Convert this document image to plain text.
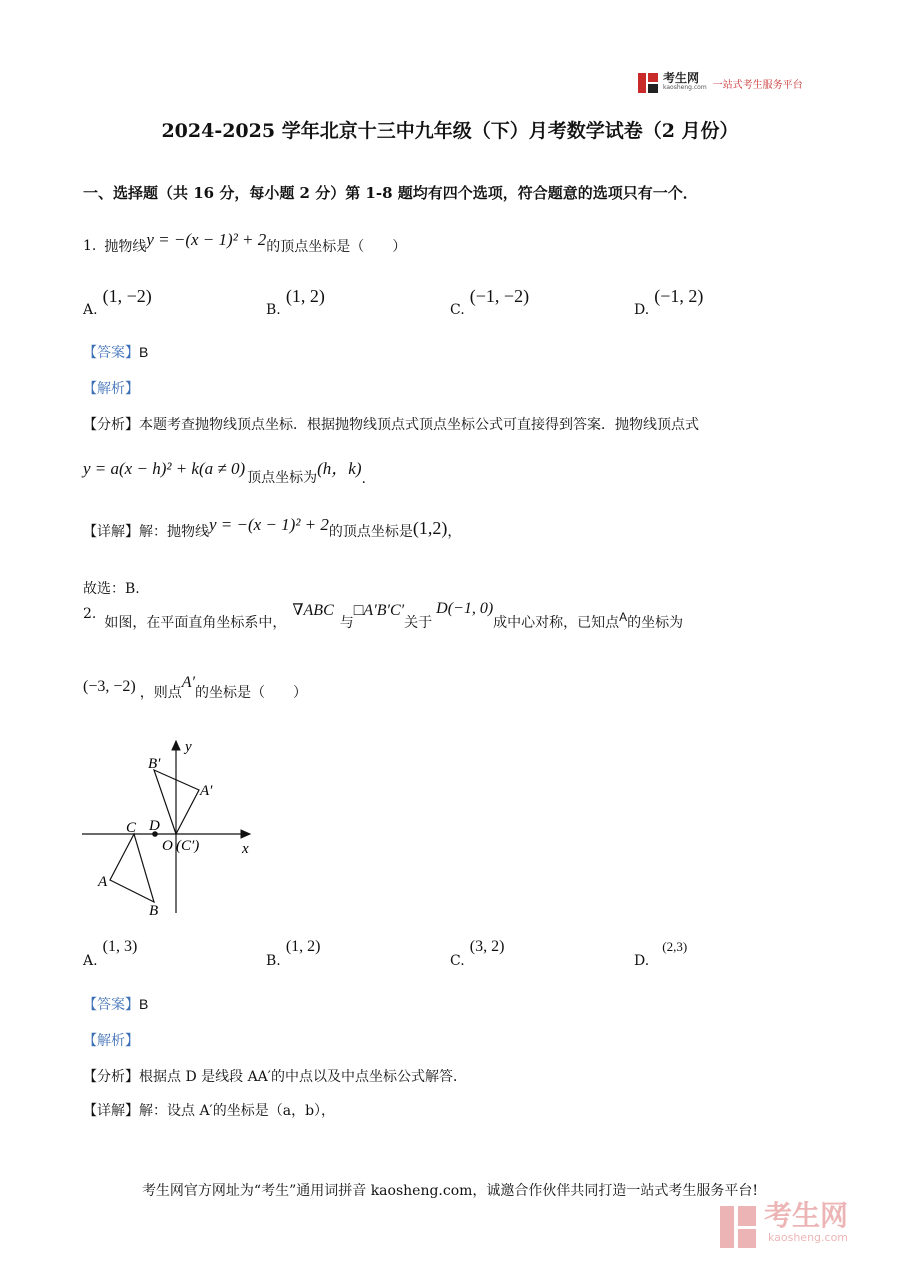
考生网
kaosheng.com 一站式考生服务平台
2024-2025 学年北京十三中九年级（下）月考数学试卷（2 月份）
一、选择题（共 16 分，每小题 2 分）第 1-8 题均有四个选项，符合题意的选项只有一个．
1. 抛物线 y = −(x − 1)² + 2 的顶点坐标是（　　）
A. (1, −2)
B. (1, 2)
C. (−1, −2)
D. (−1, 2)
【答案】B
【解析】
【分析】本题考查抛物线顶点坐标．根据抛物线顶点式顶点坐标公式可直接得到答案．抛物线顶点式
y = a(x − h)² + k(a ≠ 0) 顶点坐标为 (h，k)
.
【详解】 解：抛物线 y = −(x − 1)² + 2 的顶点坐标是 (1,2) ，
故选：B.
2.
如图，在平面直角坐标系中，
∇ABC
与
□A′B′C′
关于
D(−1, 0)
成中心对称，已知点 A 的坐标为
(−3, −2) ，则点
A′
的坐标是（　　）
y
x
B′
A′
C D
O (C′)
A
B
A. (1, 3)
B. (1, 2)
C. (3, 2)
D. (2,3)
【答案】B
【解析】
【分析】根据点 D 是线段 AA′的中点以及中点坐标公式解答．
【详解】解：设点 A′的坐标是（a，b），
考生网官方网址为“考生”通用词拼音 kaosheng.com，诚邀合作伙伴共同打造一站式考生服务平台!
考生网
kaosheng.com
